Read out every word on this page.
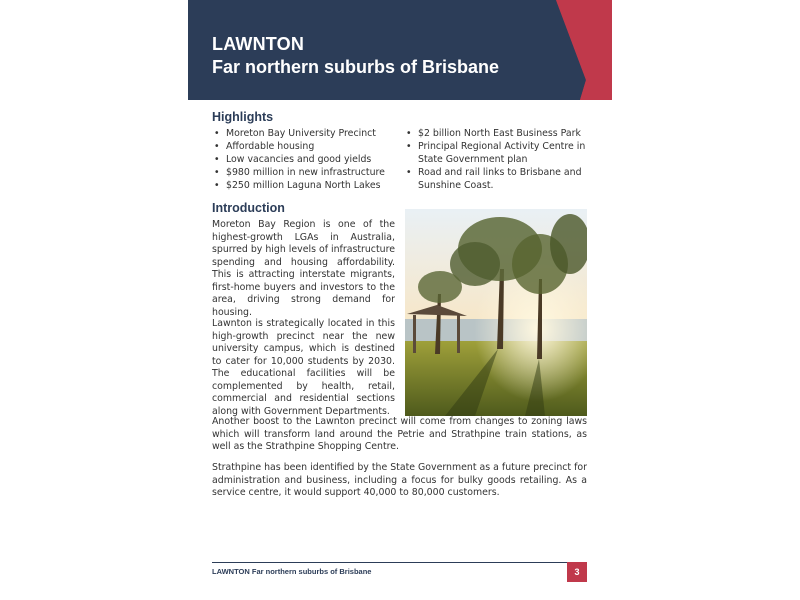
LAWNTON
Far northern suburbs of Brisbane
Highlights
• Moreton Bay University Precinct
• Affordable housing
• Low vacancies and good yields
• $980 million in new infrastructure
• $250 million Laguna North Lakes
• $2 billion North East Business Park
• Principal Regional Activity Centre in State Government plan
• Road and rail links to Brisbane and Sunshine Coast.
Introduction

Moreton Bay Region is one of the highest-growth LGAs in Australia, spurred by high levels of infrastructure spending and housing affordability. This is attracting interstate migrants, first-home buyers and investors to the area, driving strong demand for housing.

Lawnton is strategically located in this high-growth precinct near the new university campus, which is destined to cater for 10,000 students by 2030. The educational facilities will be complemented by health, retail, commercial and residential sections along with Government Departments.

Another boost to the Lawnton precinct will come from changes to zoning laws which will transform land around the Petrie and Strathpine train stations, as well as the Strathpine Shopping Centre.

Strathpine has been identified by the State Government as a future precinct for administration and business, including a focus for bulky goods retailing. As a service centre, it would support 40,000 to 80,000 customers.

LAWNTON Far northern suburbs of Brisbane	3
